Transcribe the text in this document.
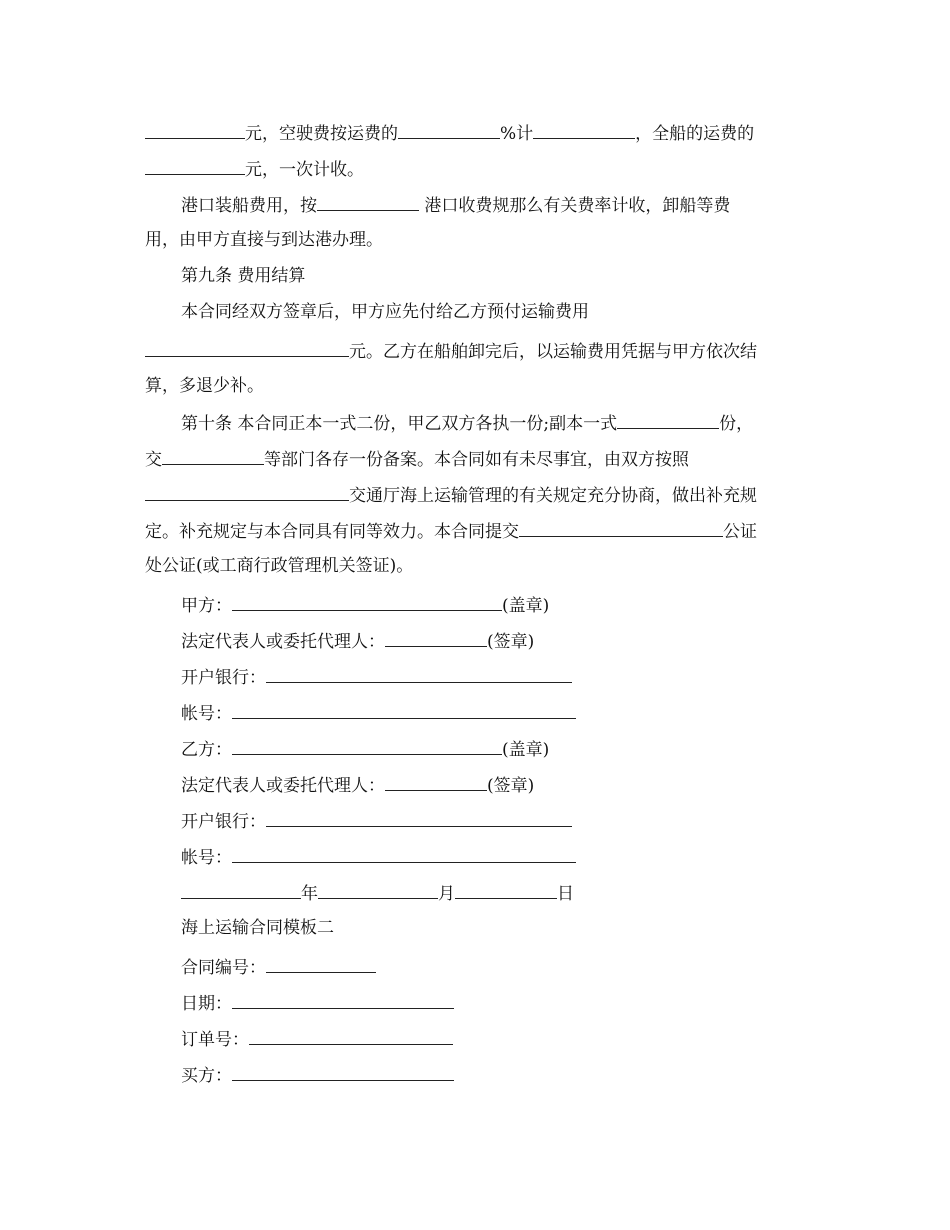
元，空驶费按运费的	%计	，全船的运费的
元，一次计收。
港口装船费用，按	港口收费规那么有关费率计收，卸船等费
用，由甲方直接与到达港办理。
第九条 费用结算
本合同经双方签章后，甲方应先付给乙方预付运输费用
元。乙方在船舶卸完后，以运输费用凭据与甲方依次结
算，多退少补。
第十条 本合同正本一式二份，甲乙双方各执一份;副本一式	份，
交	等部门各存一份备案。本合同如有未尽事宜，由双方按照
交通厅海上运输管理的有关规定充分协商，做出补充规
定。补充规定与本合同具有同等效力。本合同提交	公证
处公证(或工商行政管理机关签证)。
甲方：	(盖章)
法定代表人或委托代理人：	(签章)
开户银行：
帐号：
乙方：	(盖章)
法定代表人或委托代理人：	(签章)
开户银行：
帐号：
年	月	日
海上运输合同模板二
合同编号：
日期：
订单号：
买方：
